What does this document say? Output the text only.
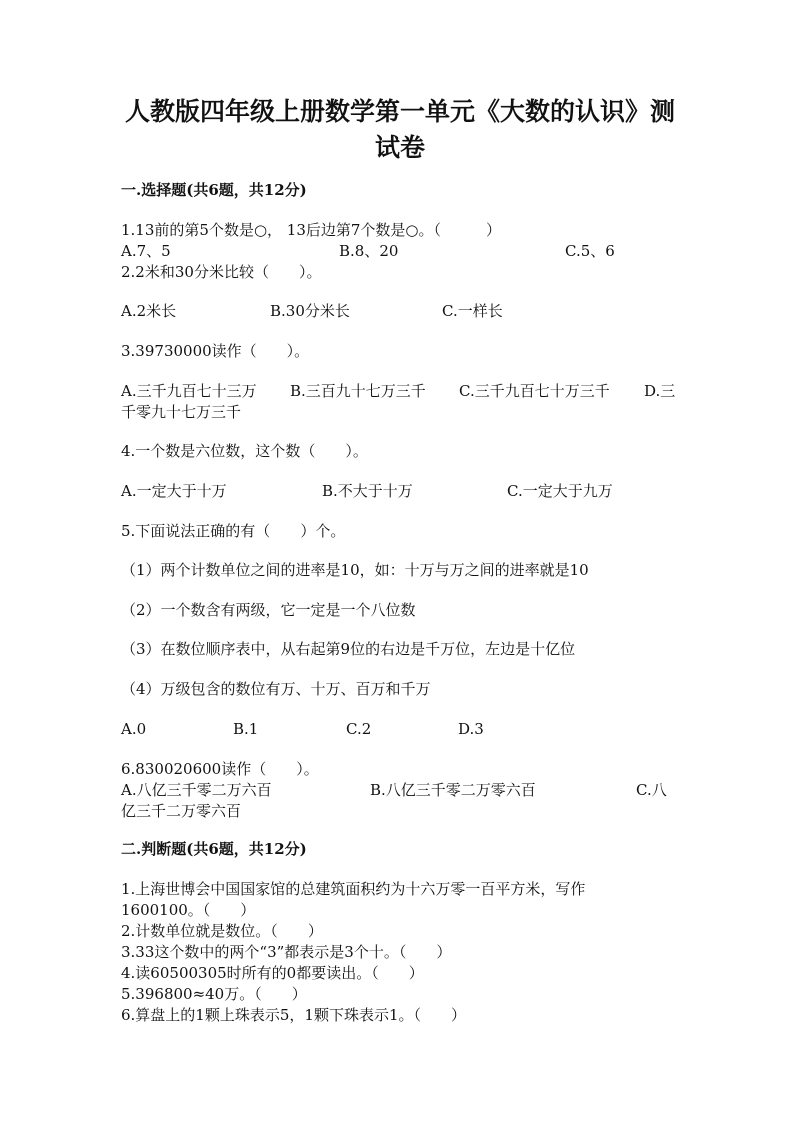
人教版四年级上册数学第一单元《大数的认识》测
试卷
一.选择题(共6题，共12分)
1.13前的第5个数是○， 13后边第7个数是○。（　　　）
A.7、5	B.8、20	C.5、6
2.2米和30分米比较（　　）。
A.2米长	B.30分米长	C.一样长
3.39730000读作（　　）。
A.三千九百七十三万 B.三百九十七万三千 C.三千九百七十万三千 D.三
千零九十七万三千
4.一个数是六位数，这个数（　　）。
A.一定大于十万	B.不大于十万	C.一定大于九万
5.下面说法正确的有（　　）个。
（1）两个计数单位之间的进率是10，如：十万与万之间的进率就是10
（2）一个数含有两级，它一定是一个八位数
（3）在数位顺序表中，从右起第9位的右边是千万位，左边是十亿位
（4）万级包含的数位有万、十万、百万和千万
A.0	B.1	C.2	D.3
6.830020600读作（　　）。
A.八亿三千零二万六百	B.八亿三千零二万零六百	C.八
亿三千二万零六百
二.判断题(共6题，共12分)
1.上海世博会中国国家馆的总建筑面积约为十六万零一百平方米，写作
1600100。（　　）
2.计数单位就是数位。（　　）
3.33这个数中的两个“3”都表示是3个十。（　　）
4.读60500305时所有的0都要读出。（　　）
5.396800≈40万。（　　）
6.算盘上的1颗上珠表示5，1颗下珠表示1。（　　）
